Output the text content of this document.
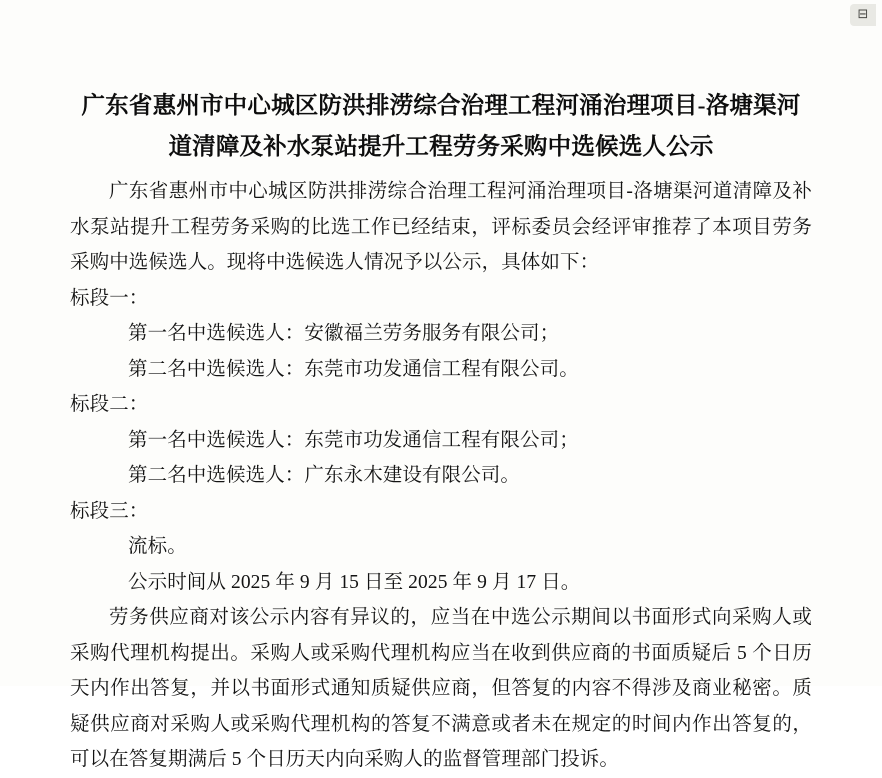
⊟
广东省惠州市中心城区防洪排涝综合治理工程河涌治理项目-洛塘渠河
道清障及补水泵站提升工程劳务采购中选候选人公示

广东省惠州市中心城区防洪排涝综合治理工程河涌治理项目-洛塘渠河道清障及补水泵站提升工程劳务采购的比选工作已经结束，评标委员会经评审推荐了本项目劳务采购中选候选人。现将中选候选人情况予以公示，具体如下：

标段一：

第一名中选候选人：安徽福兰劳务服务有限公司；

第二名中选候选人：东莞市功发通信工程有限公司。

标段二：

第一名中选候选人：东莞市功发通信工程有限公司；

第二名中选候选人：广东永木建设有限公司。

标段三：

流标。

公示时间从 2025 年 9 月 15 日至 2025 年 9 月 17 日。

劳务供应商对该公示内容有异议的，应当在中选公示期间以书面形式向采购人或采购代理机构提出。采购人或采购代理机构应当在收到供应商的书面质疑后 5 个日历天内作出答复，并以书面形式通知质疑供应商，但答复的内容不得涉及商业秘密。质疑供应商对采购人或采购代理机构的答复不满意或者未在规定的时间内作出答复的，可以在答复期满后 5 个日历天内向采购人的监督管理部门投诉。
